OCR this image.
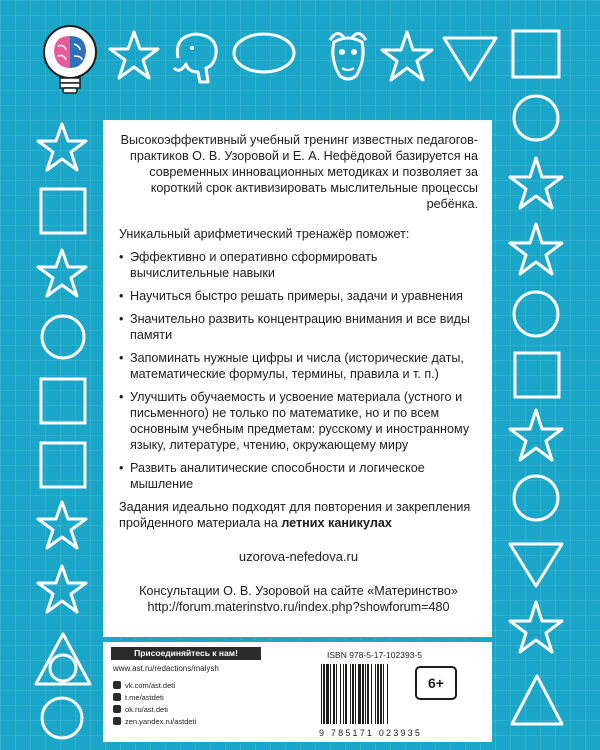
Высокоэффективный учебный тренинг известных педагогов-практиков О. В. Узоровой и Е. А. Нефёдовой базируется на современных инновационных методиках и позволяет за короткий срок активизировать мыслительные процессы ребёнка.

Уникальный арифметический тренажёр поможет:

• Эффективно и оперативно сформировать вычислительные навыки
• Научиться быстро решать примеры, задачи и уравнения
• Значительно развить концентрацию внимания и все виды памяти
• Запоминать нужные цифры и числа (исторические даты, математические формулы, термины, правила и т. п.)
• Улучшить обучаемость и усвоение материала (устного и письменного) не только по математике, но и по всем основным учебным предметам: русскому и иностранному языку, литературе, чтению, окружающему миру
• Развить аналитические способности и логическое мышление

Задания идеально подходят для повторения и закрепления пройденного материала на летних каникулах

uzorova-nefedova.ru

Консультации О. В. Узоровой на сайте «Материнство»

http://forum.materinstvo.ru/index.php?showforum=480

Присоединяйтесь к нам!
www.ast.ru/redactions/malysh
vk.com/ast.deti
t.me/astdeti
ok.ru/ast.deti
zen.yandex.ru/astdeti
ISBN 978-5-17-102393-5
9 785171 023935
6+
